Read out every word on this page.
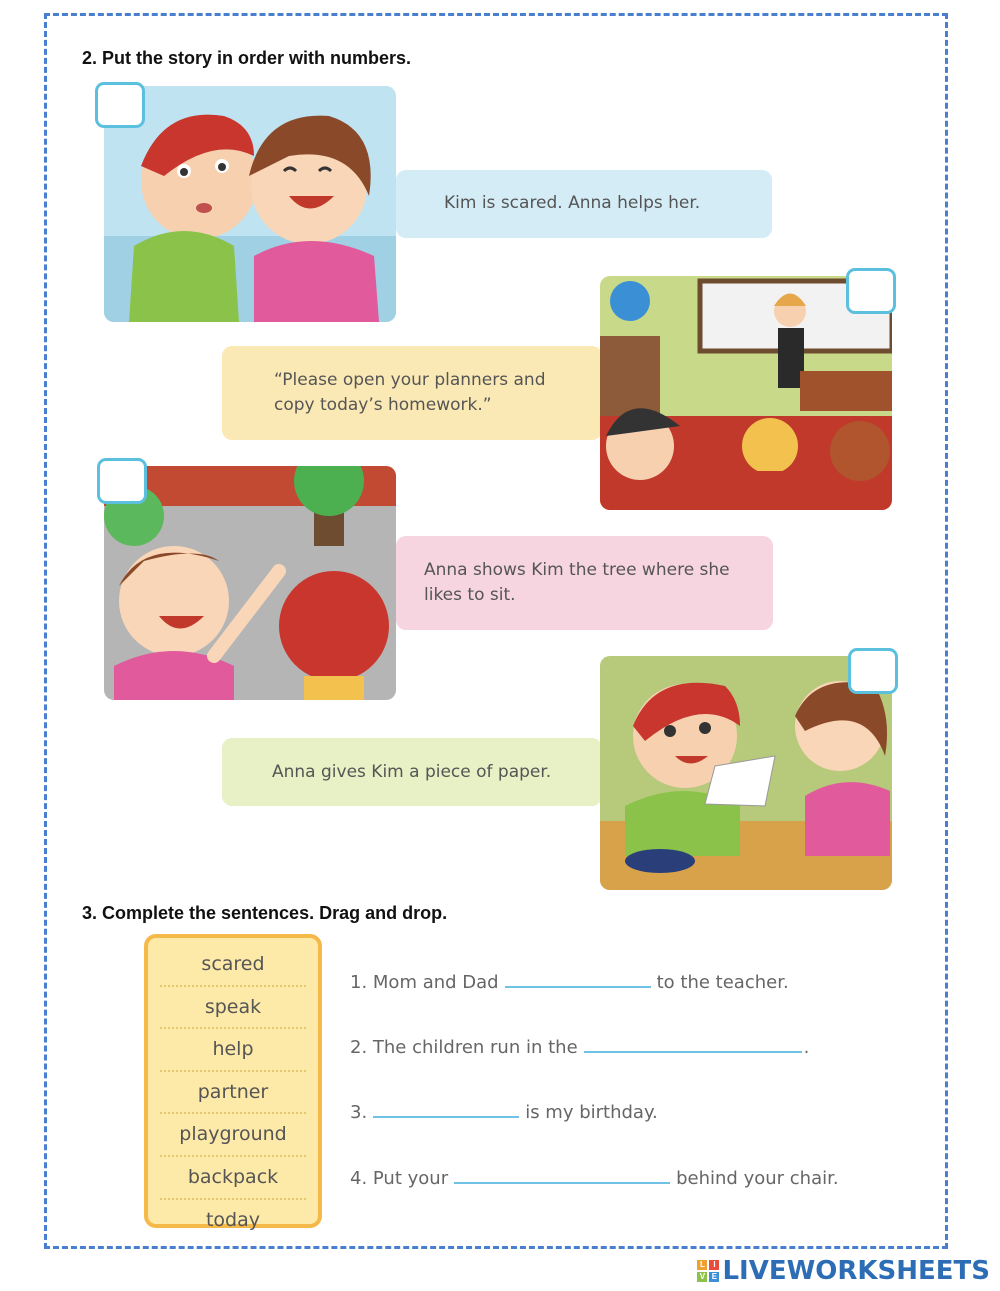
2. Put the story in order with numbers.
Kim is scared. Anna helps her.
“Please open your planners and
copy today’s homework.”
Anna shows Kim the tree where she
likes to sit.
Anna gives Kim a piece of paper.
3. Complete the sentences. Drag and drop.
scared
speak
help
partner
playground
backpack
today
1. Mom and Dad	to the teacher.
2. The children run in the	.
3.	is my birthday.
4. Put your	behind your chair.
L	I
V E LIVEWORKSHEETS
